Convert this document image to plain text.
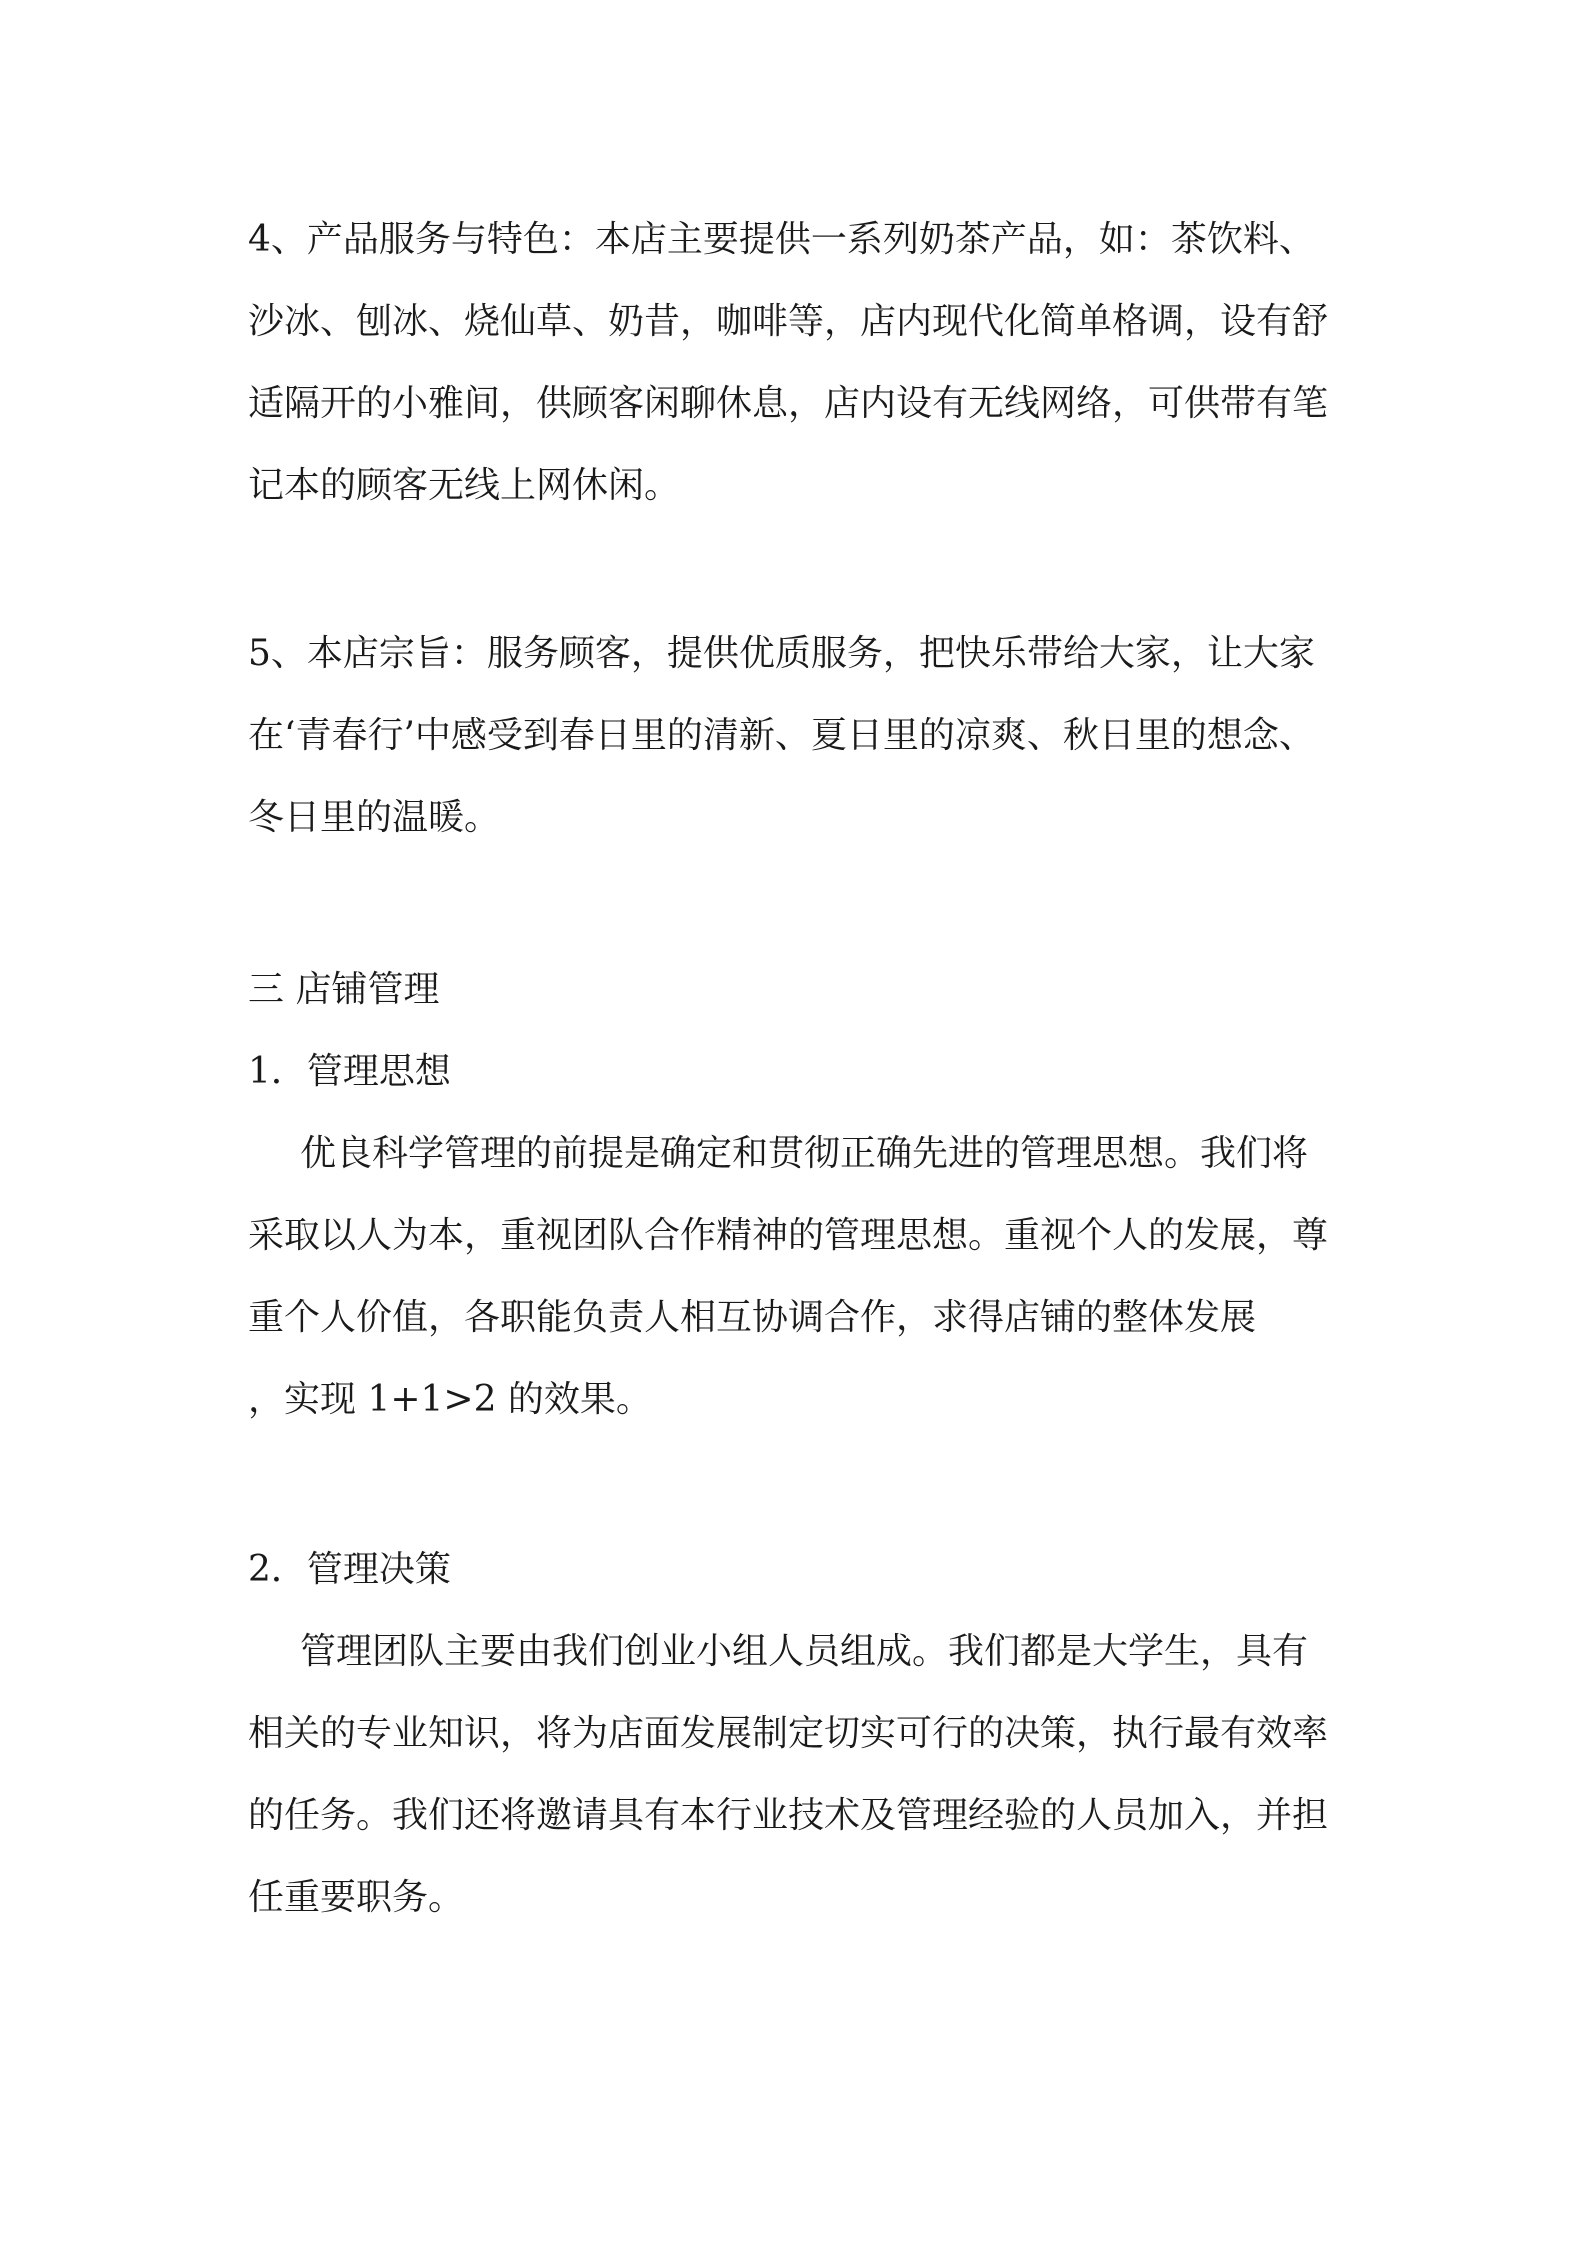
4、产品服务与特色：本店主要提供一系列奶茶产品，如：茶饮料、

沙冰、刨冰、烧仙草、奶昔，咖啡等，店内现代化简单格调，设有舒

适隔开的小雅间，供顾客闲聊休息，店内设有无线网络，可供带有笔

记本的顾客无线上网休闲。

5、本店宗旨：服务顾客，提供优质服务，把快乐带给大家，让大家

在‘青春行’中感受到春日里的清新、夏日里的凉爽、秋日里的想念、

冬日里的温暖。

三 店铺管理

1．管理思想

优良科学管理的前提是确定和贯彻正确先进的管理思想。我们将

采取以人为本，重视团队合作精神的管理思想。重视个人的发展，尊

重个人价值，各职能负责人相互协调合作，求得店铺的整体发展

，实现 1+1>2 的效果。

2．管理决策

管理团队主要由我们创业小组人员组成。我们都是大学生，具有

相关的专业知识，将为店面发展制定切实可行的决策，执行最有效率

的任务。我们还将邀请具有本行业技术及管理经验的人员加入，并担

任重要职务。
